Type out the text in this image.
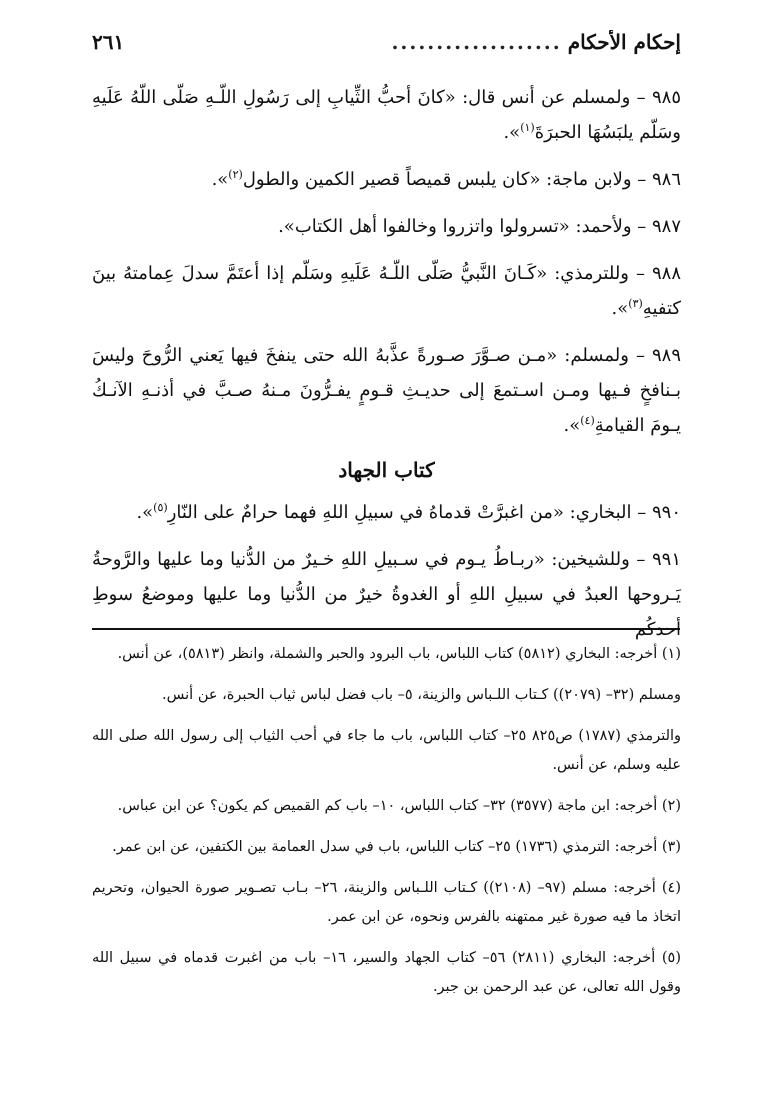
إحكام الأحكام
...................
٢٦١

٩٨٥ – ولمسلم عن أنس قال: «كانَ أحبُّ الثِّيابِ إلى رَسُولِ اللّـهِ صَلّى اللّهُ عَلَيهِ وسَلّم يلبَسُهَا الحبرَةَ$^{(١)}$».

٩٨٦ – ولابن ماجة: «كان يلبس قميصاً قصير الكمين والطول$^{(٢)}$».

٩٨٧ – ولأحمد: «تسرولوا واتزروا وخالفوا أهل الكتاب».

٩٨٨ – وللترمذي: «كَـانَ النَّبيُّ صَلّى اللّـهُ عَلَيهِ وسَلّم إذا أعتَمَّ سدلَ عِمامتهُ بينَ كتفيهِ$^{(٣)}$».

٩٨٩ – ولمسلم: «مـن صـوَّرَ صـورةً عذَّبهُ الله حتى ينفخَ فيها يَعني الرُّوحَ وليسَ بـنافخٍ فـيها ومـن اسـتمعَ إلى حديـثِ قـومٍ يفـرُّونَ مـنهُ صـبَّ في أذنـهِ الآنـكُ يـومَ القيامةِ$^{(٤)}$».

كتاب الجهاد

٩٩٠ – البخاري: «من اغبرَّتْ قدماهُ في سبيلِ اللهِ فهما حرامٌ على النّارِ$^{(٥)}$».

٩٩١ – وللشيخين: «ربـاطُ يـوم في سـبيلِ اللهِ خـيرٌ من الدُّنيا وما عليها والرَّوحةُ يَـروحها العبدُ في سبيلِ اللهِ أو الغدوةُ خيرٌ من الدُّنيا وما عليها وموضعُ سوطِ أحدكُم

(١) أخرجه: البخاري (٥٨١٢) كتاب اللباس، باب البرود والحبر والشملة، وانظر (٥٨١٣)، عن أنس.

ومسلم (٣٢– (٢٠٧٩)) كـتاب اللـباس والزينة، ٥– باب فضل لباس ثياب الحبرة، عن أنس.

والترمذي (١٧٨٧) ص٨٢٥ ٢٥– كتاب اللباس، باب ما جاء في أحب الثياب إلى رسول الله صلى الله عليه وسلم، عن أنس.

(٢) أخرجه: ابن ماجة (٣٥٧٧) ٣٢– كتاب اللباس، ١٠– باب كم القميص كم يكون؟ عن ابن عباس.

(٣) أخرجه: الترمذي (١٧٣٦) ٢٥– كتاب اللباس، باب في سدل العمامة بين الكتفين، عن ابن عمر.

(٤) أخرجه: مسلم (٩٧– (٢١٠٨)) كـتاب اللـباس والزينة، ٢٦– بـاب تصـوير صورة الحيوان، وتحريم اتخاذ ما فيه صورة غير ممتهنه بالفرس ونحوه، عن ابن عمر.

(٥) أخرجه: البخاري (٢٨١١) ٥٦– كتاب الجهاد والسير، ١٦– باب من اغبرت قدماه في سبيل الله وقول الله تعالى، عن عبد الرحمن بن جبر.
